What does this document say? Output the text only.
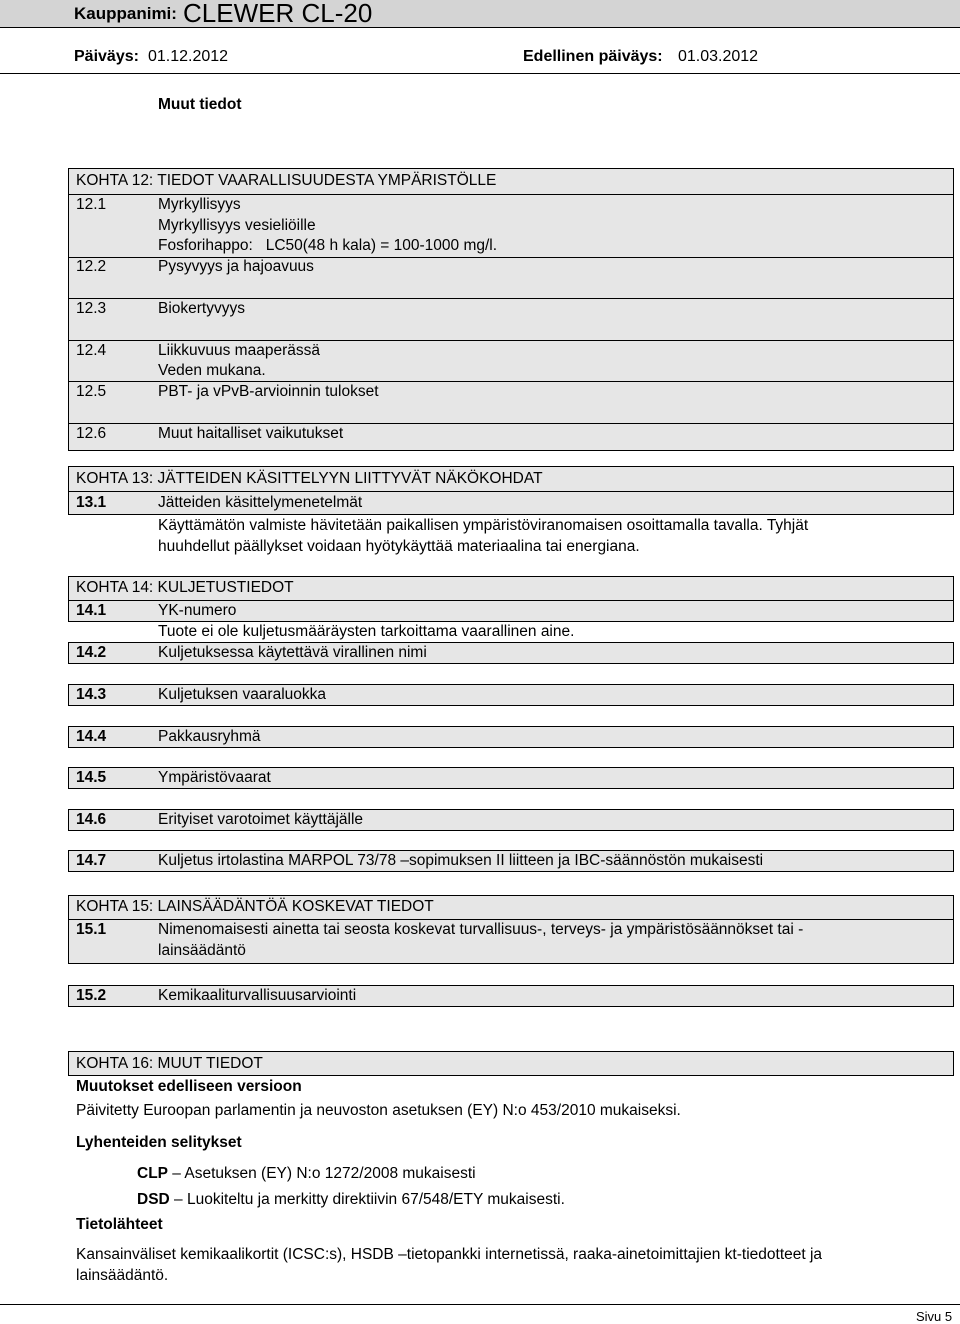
Kauppanimi: CLEWER CL-20
Päiväys: 01.12.2012	Edellinen päiväys: 01.03.2012
Muut tiedot
KOHTA 12: TIEDOT VAARALLISUUDESTA YMPÄRISTÖLLE
12.1	Myrkyllisyys
Myrkyllisyys vesieliöille
Fosforihappo:   LC50(48 h kala) = 100-1000 mg/l.
12.2	Pysyvyys ja hajoavuus
12.3	Biokertyvyys
12.4	Liikkuvuus maaperässä
Veden mukana.
12.5	PBT- ja vPvB-arvioinnin tulokset
12.6	Muut haitalliset vaikutukset
KOHTA 13: JÄTTEIDEN KÄSITTELYYN LIITTYVÄT NÄKÖKOHDAT
13.1	Jätteiden käsittelymenetelmät
Käyttämätön valmiste hävitetään paikallisen ympäristöviranomaisen osoittamalla tavalla. Tyhjät
huuhdellut päällykset voidaan hyötykäyttää materiaalina tai energiana.
KOHTA 14: KULJETUSTIEDOT
14.1	YK-numero
Tuote ei ole kuljetusmääräysten tarkoittama vaarallinen aine.
14.2	Kuljetuksessa käytettävä virallinen nimi
14.3	Kuljetuksen vaaraluokka
14.4	Pakkausryhmä
14.5	Ympäristövaarat
14.6	Erityiset varotoimet käyttäjälle
14.7	Kuljetus irtolastina MARPOL 73/78 –sopimuksen II liitteen ja IBC-säännöstön mukaisesti
KOHTA 15: LAINSÄÄDÄNTÖÄ KOSKEVAT TIEDOT
15.1	Nimenomaisesti ainetta tai seosta koskevat turvallisuus-, terveys- ja ympäristösäännökset tai -
lainsäädäntö
15.2	Kemikaaliturvallisuusarviointi
KOHTA 16: MUUT TIEDOT
Muutokset edelliseen versioon
Päivitetty Euroopan parlamentin ja neuvoston asetuksen (EY) N:o 453/2010 mukaiseksi.
Lyhenteiden selitykset
CLP – Asetuksen (EY) N:o 1272/2008 mukaisesti
DSD – Luokiteltu ja merkitty direktiivin 67/548/ETY mukaisesti.
Tietolähteet
Kansainväliset kemikaalikortit (ICSC:s), HSDB –tietopankki internetissä, raaka-ainetoimittajien kt-tiedotteet ja
lainsäädäntö.
Sivu 5
